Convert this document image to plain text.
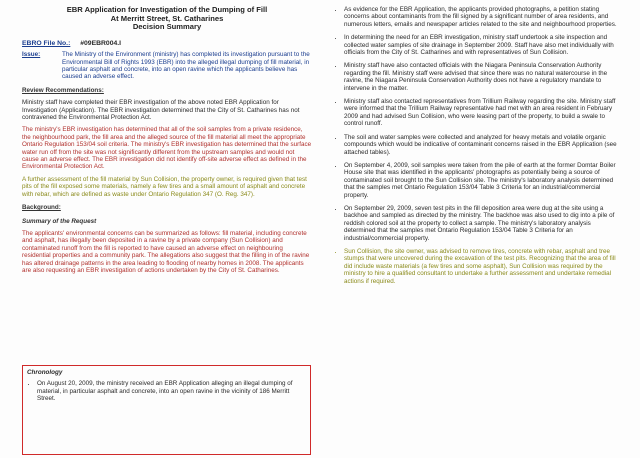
EBR Application for Investigation of the Dumping of Fill
At Merritt Street, St. Catharines
Decision Summary
EBRO File No.: #09EBR004.I
Issue:	The Ministry of the Environment (ministry) has completed its investigation pursuant to the Environmental Bill of Rights 1993 (EBR) into the alleged illegal dumping of fill material, in particular asphalt and concrete, into an open ravine which the applicants believe has caused an adverse effect.
Review Recommendations:

Ministry staff have completed their EBR investigation of the above noted EBR Application for Investigation (Application). The EBR investigation determined that the City of St. Catharines has not contravened the Environmental Protection Act.

The ministry's EBR investigation has determined that all of the soil samples from a private residence, the neighbourhood park, the fill area and the alleged source of the fill material all meet the appropriate Ontario Regulation 153/04 soil criteria. The ministry's EBR investigation has determined that the surface water run off from the site was not significantly different from the upstream samples and would not cause an adverse effect. The EBR investigation did not identify off-site adverse effect as defined in the Environmental Protection Act.

A further assessment of the fill material by Sun Collision, the property owner, is required given that test pits of the fill exposed some materials, namely a few tires and a small amount of asphalt and concrete with rebar, which are defined as waste under Ontario Regulation 347 (O. Reg. 347).

Background:
Summary of the Request

The applicants' environmental concerns can be summarized as follows: fill material, including concrete and asphalt, has illegally been deposited in a ravine by a private company (Sun Collision) and contaminated runoff from the fill is reported to have caused an adverse effect on neighbouring residential properties and a community park. The allegations also suggest that the filling in of the ravine has altered drainage patterns in the area leading to flooding of nearby homes in 2008. The applicants are also requesting an EBR investigation of actions undertaken by the City of St. Catharines.

Chronology
• On August 20, 2009, the ministry received an EBR Application alleging an illegal dumping of material, in particular asphalt and concrete, into an open ravine in the vicinity of 186 Merritt Street.
• As evidence for the EBR Application, the applicants provided photographs, a petition stating concerns about contaminants from the fill signed by a significant number of area residents, and numerous letters, emails and newspaper articles related to the site and neighbourhood properties.
• In determining the need for an EBR investigation, ministry staff undertook a site inspection and collected water samples of site drainage in September 2009. Staff have also met individually with officials from the City of St. Catharines and with representatives of Sun Collision.
• Ministry staff have also contacted officials with the Niagara Peninsula Conservation Authority regarding the fill. Ministry staff were advised that since there was no natural watercourse in the ravine, the Niagara Peninsula Conservation Authority does not have a regulatory mandate to intervene in the matter.
• Ministry staff also contacted representatives from Trillium Railway regarding the site. Ministry staff were informed that the Trillium Railway representative had met with an area resident in February 2009 and had advised Sun Collision, who were leasing part of the property, to build a swale to control runoff.
• The soil and water samples were collected and analyzed for heavy metals and volatile organic compounds which would be indicative of contaminant concerns raised in the EBR Application (see attached tables).
• On September 4, 2009, soil samples were taken from the pile of earth at the former Domtar Boiler House site that was identified in the applicants' photographs as potentially being a source of contaminated soil brought to the Sun Collision site. The ministry's laboratory analysis determined that the samples met Ontario Regulation 153/04 Table 3 Criteria for an industrial/commercial property.
• On September 29, 2009, seven test pits in the fill deposition area were dug at the site using a backhoe and sampled as directed by the ministry. The backhoe was also used to dig into a pile of reddish colored soil at the property to collect a sample. The ministry's laboratory analysis determined that the samples met Ontario Regulation 153/04 Table 3 Criteria for an industrial/commercial property.
• Sun Collision, the site owner, was advised to remove tires, concrete with rebar, asphalt and tree stumps that were uncovered during the excavation of the test pits. Recognizing that the area of fill did include waste materials (a few tires and some asphalt), Sun Collision was required by the ministry to hire a qualified consultant to undertake a further assessment and undertake remedial actions if required.
